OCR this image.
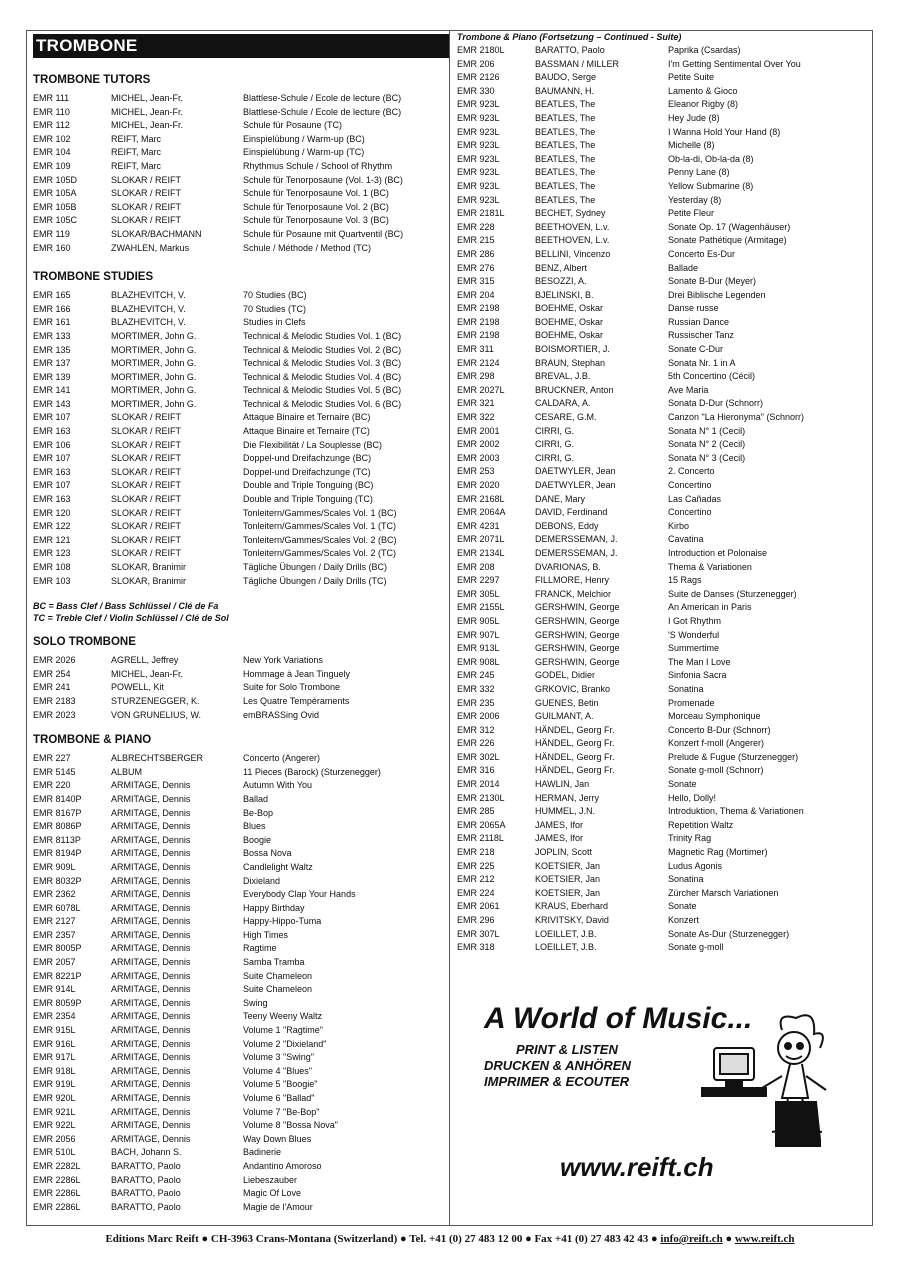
TROMBONE
TROMBONE TUTORS
EMR 111	MICHEL, Jean-Fr.	Blattlese-Schule / Ecole de lecture (BC)
EMR 110	MICHEL, Jean-Fr.	Blattlese-Schule / Ecole de lecture (BC)
EMR 112	MICHEL, Jean-Fr.	Schule für Posaune (TC)
EMR 102	REIFT, Marc	Einspielübung / Warm-up (BC)
EMR 104	REIFT, Marc	Einspielübung / Warm-up (TC)
EMR 109	REIFT, Marc	Rhythmus Schule / School of Rhythm
EMR 105D	SLOKAR / REIFT	Schule für Tenorposaune (Vol. 1-3) (BC)
EMR 105A	SLOKAR / REIFT	Schule für Tenorposaune Vol. 1 (BC)
EMR 105B	SLOKAR / REIFT	Schule für Tenorposaune Vol. 2 (BC)
EMR 105C	SLOKAR / REIFT	Schule für Tenorposaune Vol. 3 (BC)
EMR 119	SLOKAR/BACHMANN	Schule für Posaune mit Quartventil (BC)
EMR 160	ZWAHLEN, Markus	Schule / Méthode / Method (TC)
TROMBONE STUDIES
EMR 165	BLAZHEVITCH, V.	70 Studies (BC)
EMR 166	BLAZHEVITCH, V.	70 Studies (TC)
EMR 161	BLAZHEVITCH, V.	Studies in Clefs
EMR 133	MORTIMER, John G.	Technical & Melodic Studies Vol. 1 (BC)
EMR 135	MORTIMER, John G.	Technical & Melodic Studies Vol. 2 (BC)
EMR 137	MORTIMER, John G.	Technical & Melodic Studies Vol. 3 (BC)
EMR 139	MORTIMER, John G.	Technical & Melodic Studies Vol. 4 (BC)
EMR 141	MORTIMER, John G.	Technical & Melodic Studies Vol. 5 (BC)
EMR 143	MORTIMER, John G.	Technical & Melodic Studies Vol. 6 (BC)
EMR 107	SLOKAR / REIFT	Attaque Binaire et Ternaire (BC)
EMR 163	SLOKAR / REIFT	Attaque Binaire et Ternaire (TC)
EMR 106	SLOKAR / REIFT	Die Flexibilität / La Souplesse (BC)
EMR 107	SLOKAR / REIFT	Doppel-und Dreifachzunge (BC)
EMR 163	SLOKAR / REIFT	Doppel-und Dreifachzunge (TC)
EMR 107	SLOKAR / REIFT	Double and Triple Tonguing (BC)
EMR 163	SLOKAR / REIFT	Double and Triple Tonguing (TC)
EMR 120	SLOKAR / REIFT	Tonleitern/Gammes/Scales Vol. 1 (BC)
EMR 122	SLOKAR / REIFT	Tonleitern/Gammes/Scales Vol. 1 (TC)
EMR 121	SLOKAR / REIFT	Tonleitern/Gammes/Scales Vol. 2 (BC)
EMR 123	SLOKAR / REIFT	Tonleitern/Gammes/Scales Vol. 2 (TC)
EMR 108	SLOKAR, Branimir	Tägliche Übungen / Daily Drills (BC)
EMR 103	SLOKAR, Branimir	Tägliche Übungen / Daily Drills (TC)
BC = Bass Clef / Bass Schlüssel / Clé de Fa
TC = Treble Clef / Violin Schlüssel / Clé de Sol
SOLO TROMBONE
EMR 2026	AGRELL, Jeffrey	New York Variations
EMR 254	MICHEL, Jean-Fr.	Hommage à Jean Tinguely
EMR 241	POWELL, Kit	Suite for Solo Trombone
EMR 2183	STURZENEGGER, K.	Les Quatre Tempéraments
EMR 2023	VON GRUNELIUS, W.	emBRASSing Ovid
TROMBONE & PIANO
EMR 227	ALBRECHTSBERGER	Concerto (Angerer)
EMR 5145	ALBUM	11 Pieces (Barock) (Sturzenegger)
EMR 220	ARMITAGE, Dennis	Autumn With You
EMR 8140P	ARMITAGE, Dennis	Ballad
EMR 8167P	ARMITAGE, Dennis	Be-Bop
EMR 8086P	ARMITAGE, Dennis	Blues
EMR 8113P	ARMITAGE, Dennis	Boogie
EMR 8194P	ARMITAGE, Dennis	Bossa Nova
EMR 909L	ARMITAGE, Dennis	Candlelight Waltz
EMR 8032P	ARMITAGE, Dennis	Dixieland
EMR 2362	ARMITAGE, Dennis	Everybody Clap Your Hands
EMR 6078L	ARMITAGE, Dennis	Happy Birthday
EMR 2127	ARMITAGE, Dennis	Happy-Hippo-Tuma
EMR 2357	ARMITAGE, Dennis	High Times
EMR 8005P	ARMITAGE, Dennis	Ragtime
EMR 2057	ARMITAGE, Dennis	Samba Tramba
EMR 8221P	ARMITAGE, Dennis	Suite Chameleon
EMR 914L	ARMITAGE, Dennis	Suite Chameleon
EMR 8059P	ARMITAGE, Dennis	Swing
EMR 2354	ARMITAGE, Dennis	Teeny Weeny Waltz
EMR 915L	ARMITAGE, Dennis	Volume 1 "Ragtime"
EMR 916L	ARMITAGE, Dennis	Volume 2 "Dixieland"
EMR 917L	ARMITAGE, Dennis	Volume 3 "Swing"
EMR 918L	ARMITAGE, Dennis	Volume 4 "Blues"
EMR 919L	ARMITAGE, Dennis	Volume 5 "Boogie"
EMR 920L	ARMITAGE, Dennis	Volume 6 "Ballad"
EMR 921L	ARMITAGE, Dennis	Volume 7 "Be-Bop"
EMR 922L	ARMITAGE, Dennis	Volume 8 "Bossa Nova"
EMR 2056	ARMITAGE, Dennis	Way Down Blues
EMR 510L	BACH, Johann S.	Badinerie
EMR 2282L	BARATTO, Paolo	Andantino Amoroso
EMR 2286L	BARATTO, Paolo	Liebeszauber
EMR 2286L	BARATTO, Paolo	Magic Of Love
EMR 2286L	BARATTO, Paolo	Magie de l'Amour
Trombone & Piano (Fortsetzung – Continued - Suite)
EMR 2180L	BARATTO, Paolo	Paprika (Csardas)
EMR 206	BASSMAN / MILLER	I'm Getting Sentimental Over You
EMR 2126	BAUDO, Serge	Petite Suite
EMR 330	BAUMANN, H.	Lamento & Gioco
EMR 923L	BEATLES, The	Eleanor Rigby (8)
EMR 923L	BEATLES, The	Hey Jude (8)
EMR 923L	BEATLES, The	I Wanna Hold Your Hand (8)
EMR 923L	BEATLES, The	Michelle (8)
EMR 923L	BEATLES, The	Ob-la-di, Ob-la-da (8)
EMR 923L	BEATLES, The	Penny Lane (8)
EMR 923L	BEATLES, The	Yellow Submarine (8)
EMR 923L	BEATLES, The	Yesterday (8)
EMR 2181L	BECHET, Sydney	Petite Fleur
EMR 228	BEETHOVEN, L.v.	Sonate Op. 17 (Wagenhäuser)
EMR 215	BEETHOVEN, L.v.	Sonate Pathétique (Armitage)
EMR 286	BELLINI, Vincenzo	Concerto Es-Dur
EMR 276	BENZ, Albert	Ballade
EMR 315	BESOZZI, A.	Sonate B-Dur (Meyer)
EMR 204	BJELINSKI, B.	Drei Biblische Legenden
EMR 2198	BOEHME, Oskar	Danse russe
EMR 2198	BOEHME, Oskar	Russian Dance
EMR 2198	BOEHME, Oskar	Russischer Tanz
EMR 311	BOISMORTIER, J.	Sonate C-Dur
EMR 2124	BRAUN, Stephan	Sonata Nr. 1 in A
EMR 298	BREVAL, J.B.	5th Concertino (Cécil)
EMR 2027L	BRUCKNER, Anton	Ave Maria
EMR 321	CALDARA, A.	Sonata D-Dur (Schnorr)
EMR 322	CESARE, G.M.	Canzon "La Hieronyma" (Schnorr)
EMR 2001	CIRRI, G.	Sonata N° 1 (Cecil)
EMR 2002	CIRRI, G.	Sonata N° 2 (Cecil)
EMR 2003	CIRRI, G.	Sonata N° 3 (Cecil)
EMR 253	DAETWYLER, Jean	2. Concerto
EMR 2020	DAETWYLER, Jean	Concertino
EMR 2168L	DANE, Mary	Las Cañadas
EMR 2064A	DAVID, Ferdinand	Concertino
EMR 4231	DEBONS, Eddy	Kirbo
EMR 2071L	DEMERSSEMAN, J.	Cavatina
EMR 2134L	DEMERSSEMAN, J.	Introduction et Polonaise
EMR 208	DVARIONAS, B.	Thema & Variationen
EMR 2297	FILLMORE, Henry	15 Rags
EMR 305L	FRANCK, Melchior	Suite de Danses (Sturzenegger)
EMR 2155L	GERSHWIN, George	An American in Paris
EMR 905L	GERSHWIN, George	I Got Rhythm
EMR 907L	GERSHWIN, George	'S Wonderful
EMR 913L	GERSHWIN, George	Summertime
EMR 908L	GERSHWIN, George	The Man I Love
EMR 245	GODEL, Didier	Sinfonia Sacra
EMR 332	GRKOVIC, Branko	Sonatina
EMR 235	GUENES, Betin	Promenade
EMR 2006	GUILMANT, A.	Morceau Symphonique
EMR 312	HÄNDEL, Georg Fr.	Concerto B-Dur (Schnorr)
EMR 226	HÄNDEL, Georg Fr.	Konzert f-moll (Angerer)
EMR 302L	HÄNDEL, Georg Fr.	Prelude & Fugue (Sturzenegger)
EMR 316	HÄNDEL, Georg Fr.	Sonate g-moll (Schnorr)
EMR 2014	HAWLIN, Jan	Sonate
EMR 2130L	HERMAN, Jerry	Hello, Dolly!
EMR 285	HUMMEL, J.N.	Introduktion, Thema & Variationen
EMR 2065A	JAMES, Ifor	Repetition Waltz
EMR 2118L	JAMES, Ifor	Trinity Rag
EMR 218	JOPLIN, Scott	Magnetic Rag (Mortimer)
EMR 225	KOETSIER, Jan	Ludus Agonis
EMR 212	KOETSIER, Jan	Sonatina
EMR 224	KOETSIER, Jan	Zürcher Marsch Variationen
EMR 2061	KRAUS, Eberhard	Sonate
EMR 296	KRIVITSKY, David	Konzert
EMR 307L	LOEILLET, J.B.	Sonate As-Dur (Sturzenegger)
EMR 318	LOEILLET, J.B.	Sonate g-moll
A World of Music...
PRINT & LISTEN
DRUCKEN & ANHÖREN
IMPRIMER & ECOUTER
www.reift.ch
Editions Marc Reift ● CH-3963 Crans-Montana (Switzerland) ● Tel. +41 (0) 27 483 12 00 ● Fax +41 (0) 27 483 42 43 ● info@reift.ch ● www.reift.ch
